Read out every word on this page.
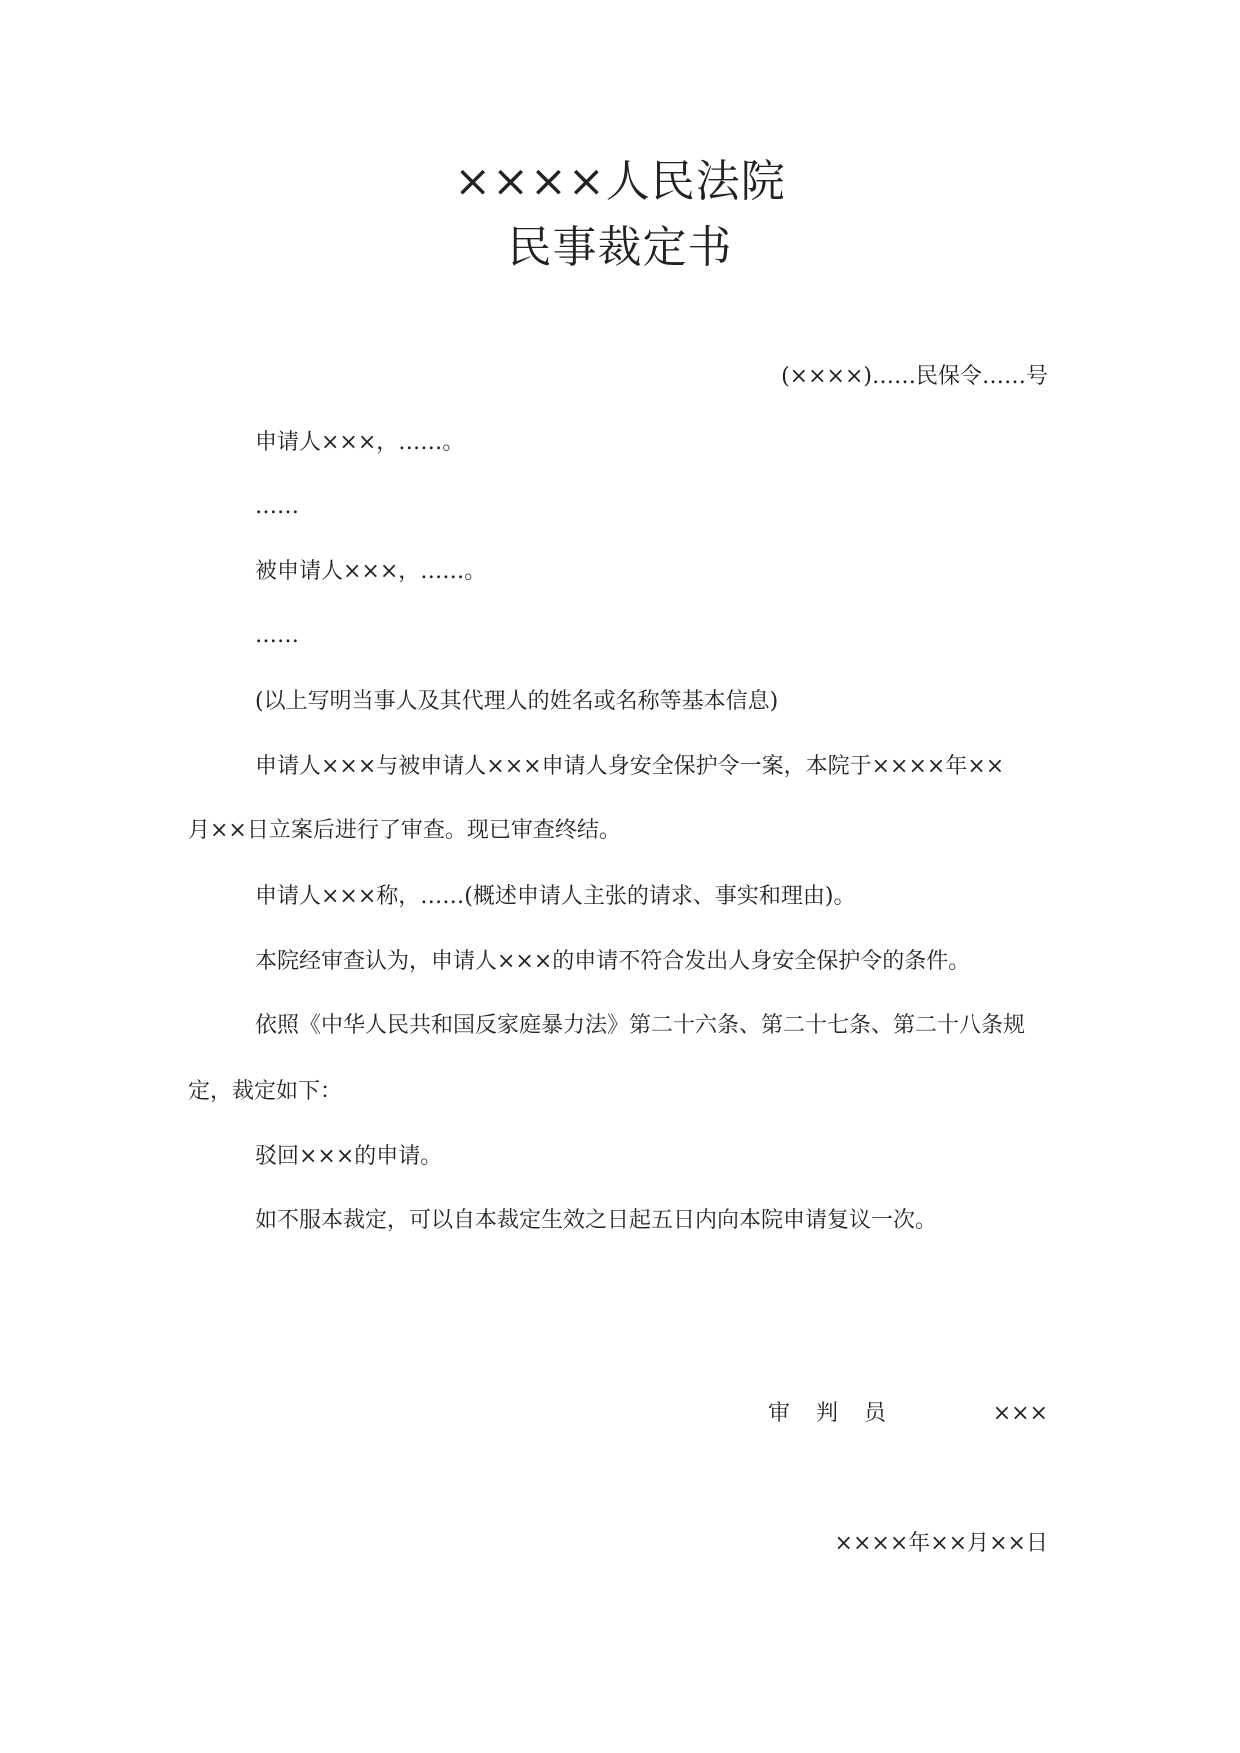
××××人民法院
民事裁定书
(××××)……民保令……号
申请人×××，……。
……
被申请人×××，……。
……
(以上写明当事人及其代理人的姓名或名称等基本信息)
申请人×××与被申请人×××申请人身安全保护令一案，本院于××××年××
月××日立案后进行了审查。现已审查终结。
申请人×××称，……(概述申请人主张的请求、事实和理由)。
本院经审查认为，申请人×××的申请不符合发出人身安全保护令的条件。
依照《中华人民共和国反家庭暴力法》第二十六条、第二十七条、第二十八条规
定，裁定如下：
驳回×××的申请。
如不服本裁定，可以自本裁定生效之日起五日内向本院申请复议一次。
审判员	×××
××××年××月××日
